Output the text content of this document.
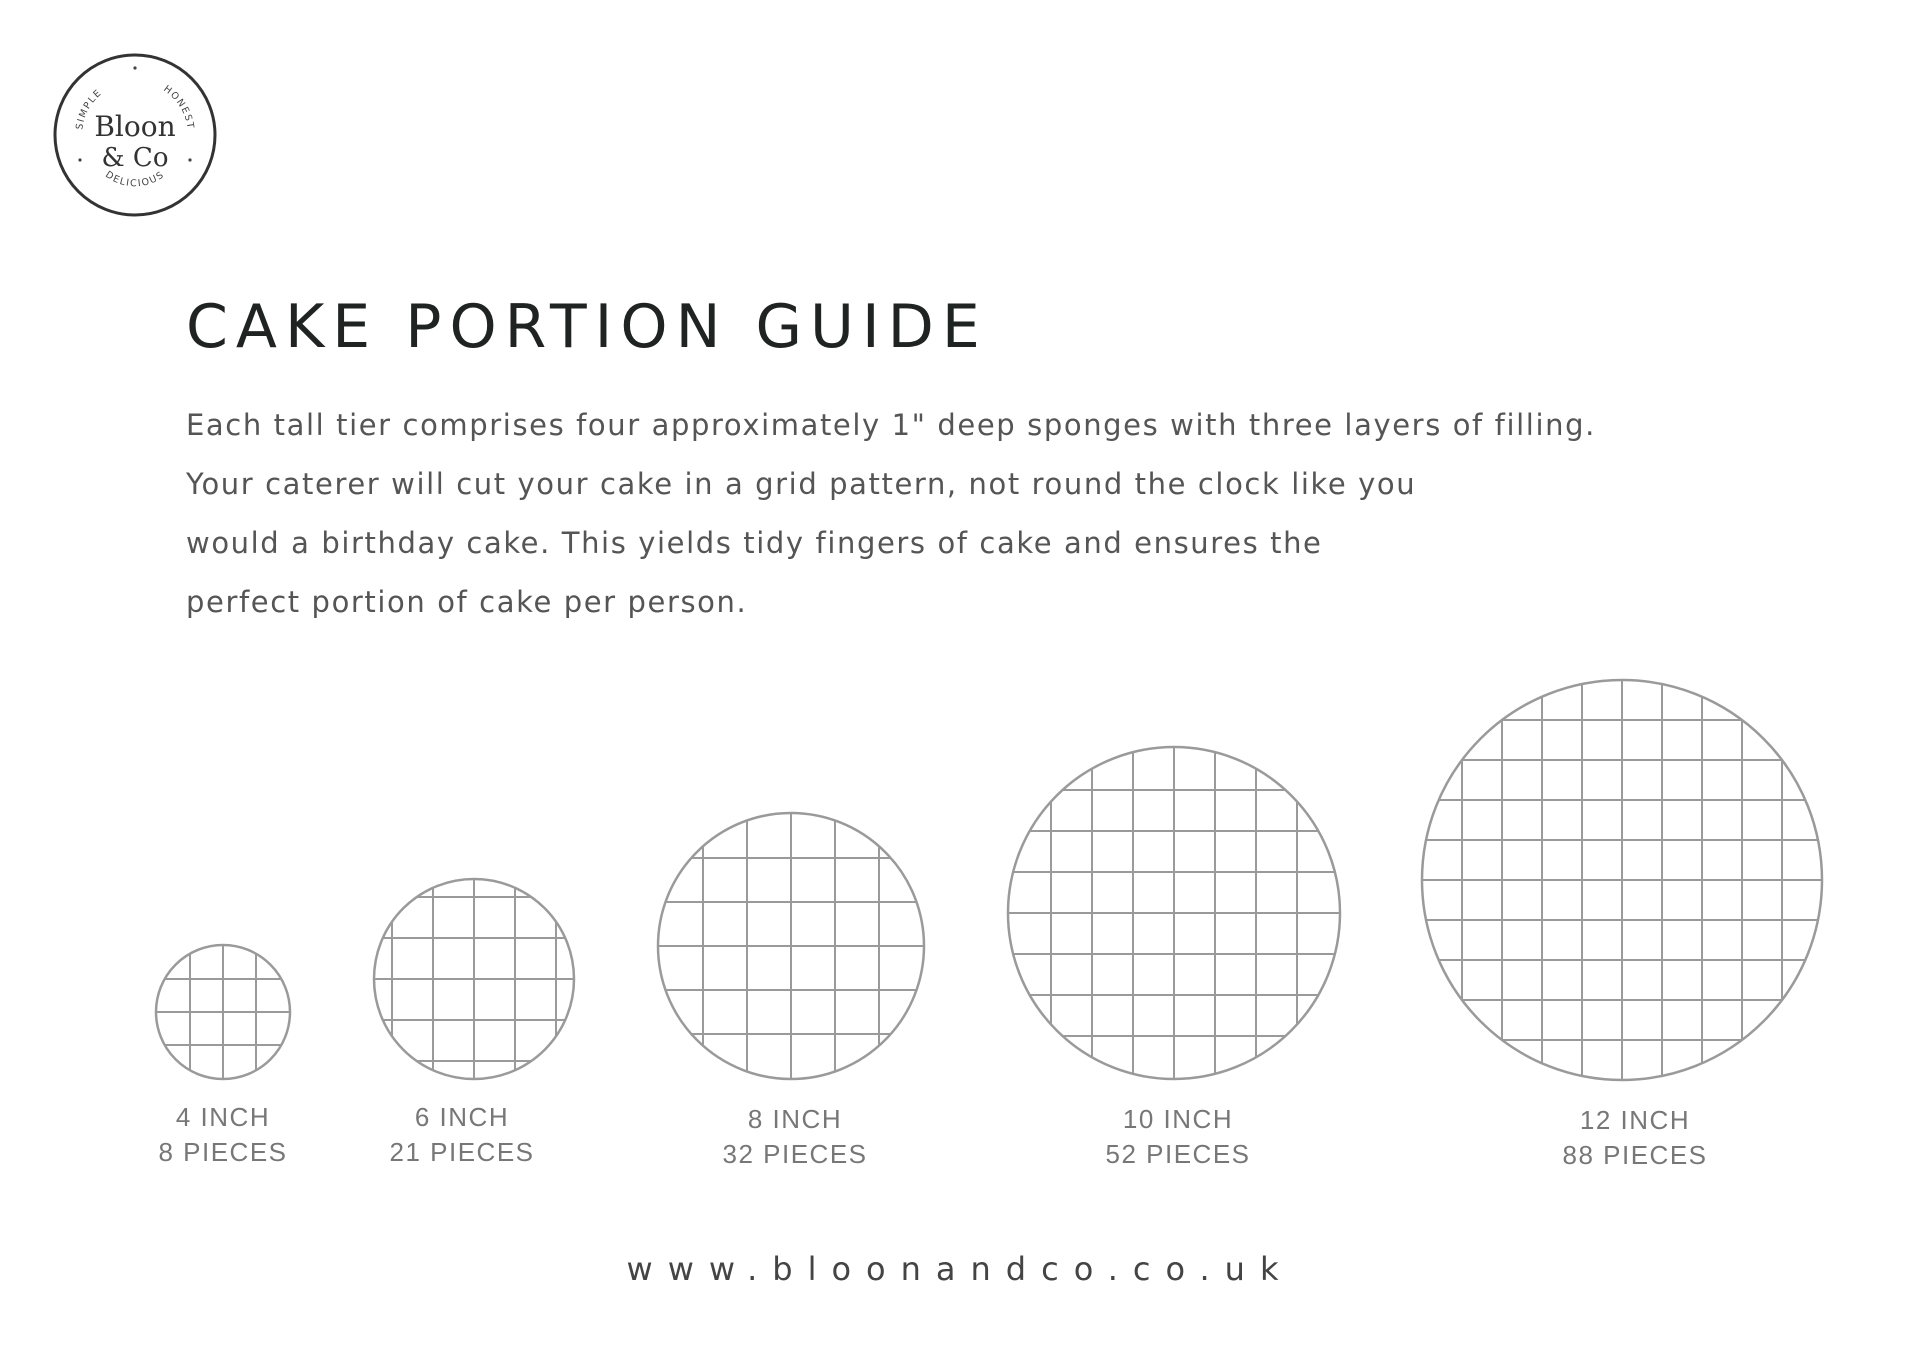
SIMPLE	HONEST
DELICIOUS
Bloon
& Co
CAKE PORTION GUIDE
Each tall tier comprises four approximately 1" deep sponges with three layers of filling.
Your caterer will cut your cake in a grid pattern, not round the clock like you
would a birthday cake. This yields tidy fingers of cake and ensures the
perfect portion of cake per person.
4 INCH
8 PIECES
6 INCH
21 PIECES
8 INCH
32 PIECES
10 INCH
52 PIECES
12 INCH
88 PIECES
www.bloonandco.co.uk
